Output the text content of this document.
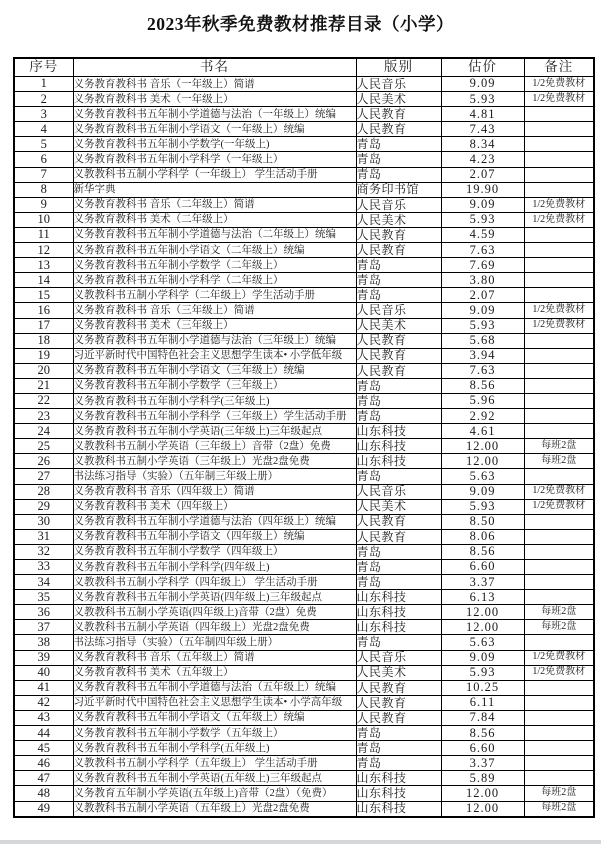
2023年秋季免费教材推荐目录（小学）
序号	书名	版别	估价	备注
1	义务教育教科书 音乐（一年级上）简谱	人民音乐	9.09	1/2免费教材
2	义务教育教科书 美术（一年级上）	人民美术	5.93	1/2免费教材
3	义务教育教科书五年制小学道德与法治（一年级上）统编	人民教育	4.81	
4	义务教育教科书五年制小学语文（一年级上）统编	人民教育	7.43	
5	义务教育教科书五年制小学数学(一年级上)	青岛	8.34	
6	义务教育教科书五年制小学科学（一年级上）	青岛	4.23	
7	义教教科书五制小学科学（一年级上） 学生活动手册	青岛	2.07	
8	新华字典	商务印书馆	19.90	
9	义务教育教科书 音乐（二年级上）简谱	人民音乐	9.09	1/2免费教材
10	义务教育教科书 美术（二年级上）	人民美术	5.93	1/2免费教材
11	义务教育教科书五年制小学道德与法治（二年级上）统编	人民教育	4.59	
12	义务教育教科书五年制小学语文（二年级上）统编	人民教育	7.63	
13	义务教育教科书五年制小学数学（二年级上）	青岛	7.69	
14	义务教育教科书五年制小学科学（二年级上）	青岛	3.80	
15	义教教科书五制小学科学（二年级上）学生活动手册	青岛	2.07	
16	义务教育教科书 音乐（三年级上）简谱	人民音乐	9.09	1/2免费教材
17	义务教育教科书 美术（三年级上）	人民美术	5.93	1/2免费教材
18	义务教育教科书五年制小学道德与法治（三年级上）统编	人民教育	5.68	
19	习近平新时代中国特色社会主义思想学生读本• 小学低年级	人民教育	3.94	
20	义务教育教科书五年制小学语文（三年级上）统编	人民教育	7.63	
21	义务教育教科书五年制小学数学（三年级上）	青岛	8.56	
22	义务教育教科书五年制小学科学(三年级上)	青岛	5.96	
23	义务教育教科书五年制小学科学（三年级上）学生活动手册	青岛	2.92	
24	义务教育教科书五年制小学英语(三年级上)三年级起点	山东科技	4.61	
25	义教教科书五制小学英语（三年级上）音带（2盘）免费	山东科技	12.00	每班2盘
26	义教教科书五制小学英语（三年级上）光盘2盘免费	山东科技	12.00	每班2盘
27	书法练习指导（实验）（五年制三年级上册）	青岛	5.63	
28	义务教育教科书 音乐（四年级上）简谱	人民音乐	9.09	1/2免费教材
29	义务教育教科书 美术（四年级上）	人民美术	5.93	1/2免费教材
30	义务教育教科书五年制小学道德与法治（四年级上）统编	人民教育	8.50	
31	义务教育教科书五年制小学语文（四年级上）统编	人民教育	8.06	
32	义务教育教科书五年制小学数学（四年级上）	青岛	8.56	
33	义务教育教科书五年制小学科学(四年级上)	青岛	6.60	
34	义教教科书五制小学科学（四年级上） 学生活动手册	青岛	3.37	
35	义务教育教科书五年制小学英语(四年级上)三年级起点	山东科技	6.13	
36	义教教科书五制小学英语(四年级上)音带（2盘）免费	山东科技	12.00	每班2盘
37	义教教科书五制小学英语（四年级上）光盘2盘免费	山东科技	12.00	每班2盘
38	书法练习指导（实验）（五年制四年级上册）	青岛	5.63	
39	义务教育教科书 音乐（五年级上）简谱	人民音乐	9.09	1/2免费教材
40	义务教育教科书 美术（五年级上）	人民美术	5.93	1/2免费教材
41	义务教育教科书五年制小学道德与法治（五年级上）统编	人民教育	10.25	
42	习近平新时代中国特色社会主义思想学生读本• 小学高年级	人民教育	6.11	
43	义务教育教科书五年制小学语文（五年级上）统编	人民教育	7.84	
44	义务教育教科书五年制小学数学（五年级上）	青岛	8.56	
45	义务教育教科书五年制小学科学(五年级上)	青岛	6.60	
46	义教教科书五制小学科学（五年级上） 学生活动手册	青岛	3.37	
47	义务教育教科书五年制小学英语(五年级上)三年级起点	山东科技	5.89	
48	义务教育五年制小学英语(五年级上)音带（2盘）（免费）	山东科技	12.00	每班2盘
49	义教教科书五制小学英语（五年级上）光盘2盘免费	山东科技	12.00	每班2盘
